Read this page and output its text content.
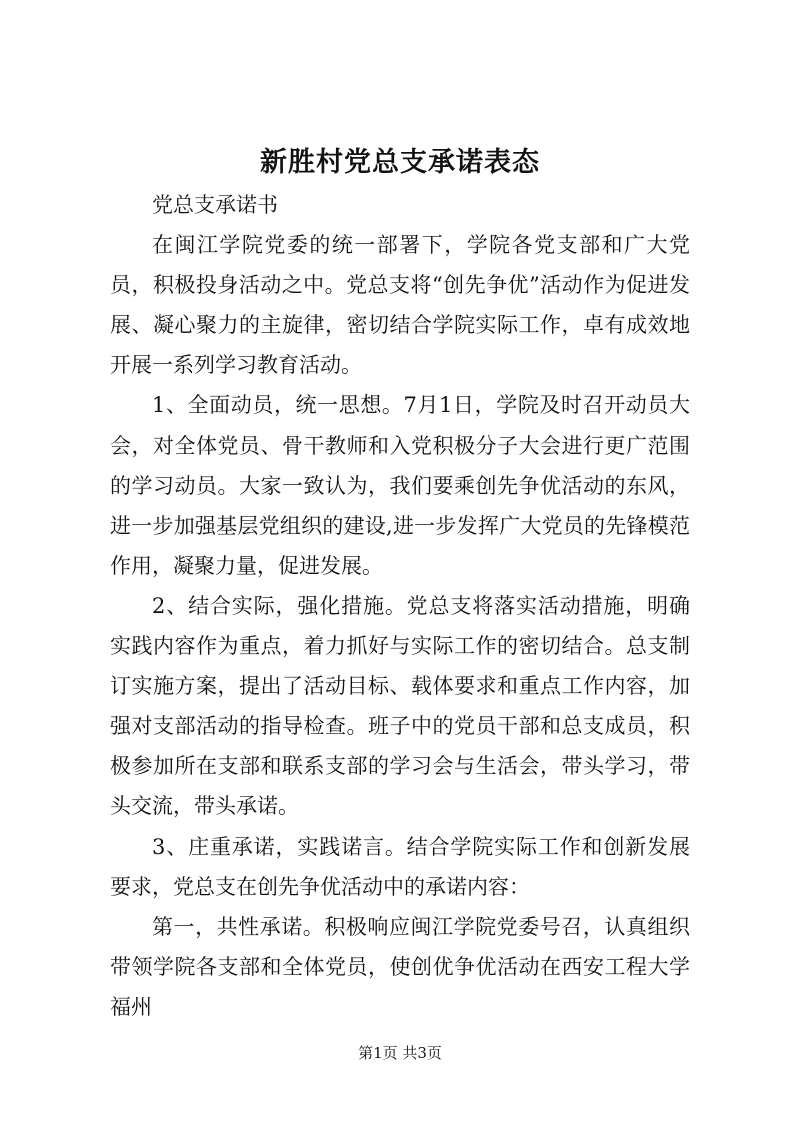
新胜村党总支承诺表态

党总支承诺书

在闽江学院党委的统一部署下，学院各党支部和广大党员，积极投身活动之中。党总支将“创先争优”活动作为促进发展、凝心聚力的主旋律，密切结合学院实际工作，卓有成效地开展一系列学习教育活动。

1、全面动员，统一思想。7月1日，学院及时召开动员大会，对全体党员、骨干教师和入党积极分子大会进行更广范围的学习动员。大家一致认为，我们要乘创先争优活动的东风，进一步加强基层党组织的建设,进一步发挥广大党员的先锋模范作用，凝聚力量，促进发展。

2、结合实际，强化措施。党总支将落实活动措施，明确实践内容作为重点，着力抓好与实际工作的密切结合。总支制订实施方案，提出了活动目标、载体要求和重点工作内容，加强对支部活动的指导检查。班子中的党员干部和总支成员，积极参加所在支部和联系支部的学习会与生活会，带头学习，带头交流，带头承诺。

3、庄重承诺，实践诺言。结合学院实际工作和创新发展要求，党总支在创先争优活动中的承诺内容：

第一，共性承诺。积极响应闽江学院党委号召，认真组织带领学院各支部和全体党员，使创优争优活动在西安工程大学福州

第1页 共3页
